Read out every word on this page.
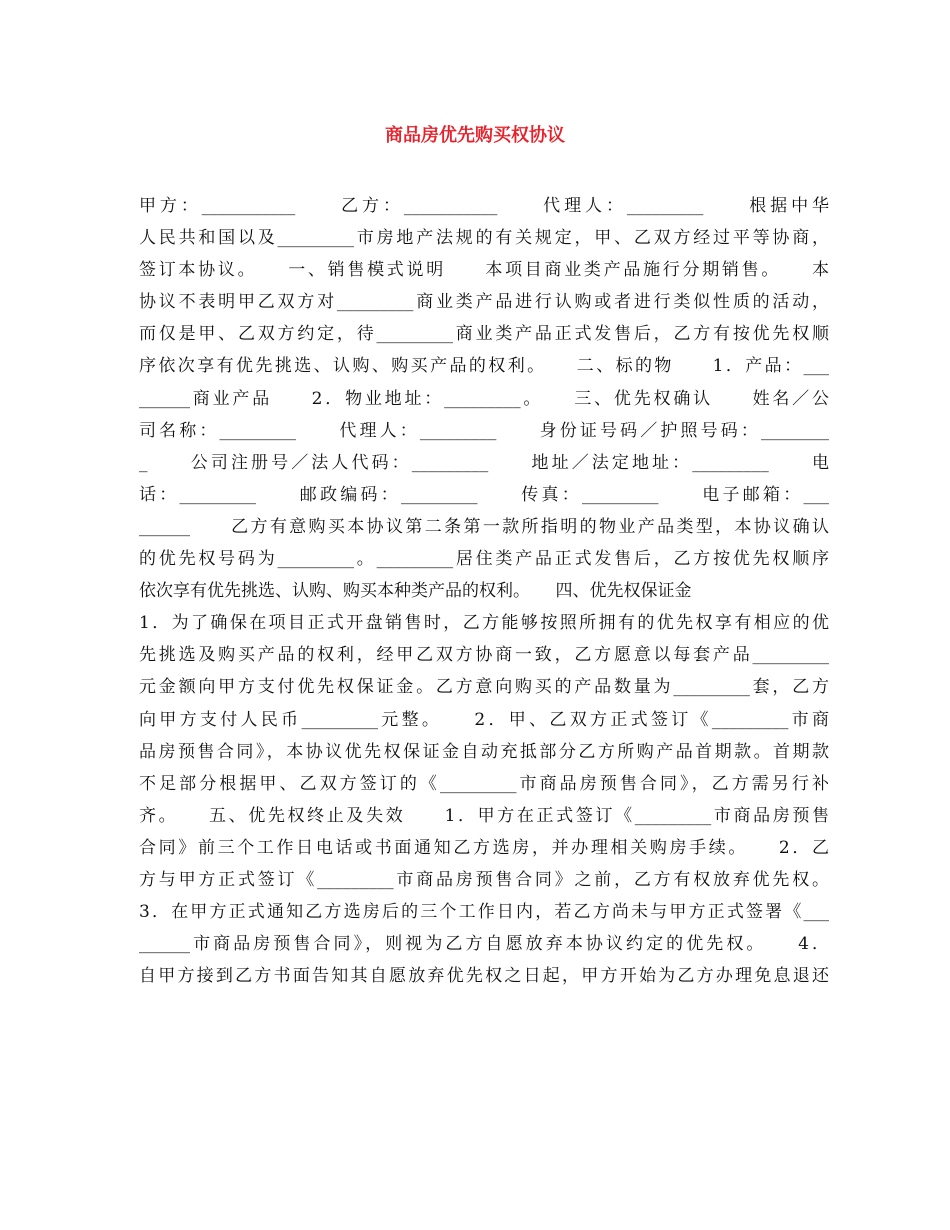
商品房优先购买权协议
甲方：___________　　乙方：___________　　代理人：_________　　根据中华
人民共和国以及_________市房地产法规的有关规定，甲、乙双方经过平等协商，
签订本协议。　　一、销售模式说明　　本项目商业类产品施行分期销售。　　本
协议不表明甲乙双方对_________商业类产品进行认购或者进行类似性质的活动，
而仅是甲、乙双方约定，待_________商业类产品正式发售后，乙方有按优先权顺
序依次享有优先挑选、认购、购买产品的权利。　　二、标的物　　1．产品：___
______商业产品　　2．物业地址：_________。　　三、优先权确认　　姓名／公
司名称：_________　　代理人：_________　　身份证号码／护照号码：________
_　　公司注册号／法人代码：_________　　地址／法定地址：_________　　电
话：_________　　邮政编码：_________　　传真：_________　　电子邮箱：___
______　　乙方有意购买本协议第二条第一款所指明的物业产品类型，本协议确认
的优先权号码为_________。_________居住类产品正式发售后，乙方按优先权顺序
依次享有优先挑选、认购、购买本种类产品的权利。　　四、优先权保证金
1．为了确保在项目正式开盘销售时，乙方能够按照所拥有的优先权享有相应的优
先挑选及购买产品的权利，经甲乙双方协商一致，乙方愿意以每套产品_________
元金额向甲方支付优先权保证金。乙方意向购买的产品数量为_________套，乙方
向甲方支付人民币_________元整。　　2．甲、乙双方正式签订《_________市商
品房预售合同》，本协议优先权保证金自动充抵部分乙方所购产品首期款。首期款
不足部分根据甲、乙双方签订的《_________市商品房预售合同》，乙方需另行补
齐。　　五、优先权终止及失效　　1．甲方在正式签订《_________市商品房预售
合同》前三个工作日电话或书面通知乙方选房，并办理相关购房手续。　　2．乙
方与甲方正式签订《_________市商品房预售合同》之前，乙方有权放弃优先权。
3．在甲方正式通知乙方选房后的三个工作日内，若乙方尚未与甲方正式签署《___
______市商品房预售合同》，则视为乙方自愿放弃本协议约定的优先权。　　4．
自甲方接到乙方书面告知其自愿放弃优先权之日起，甲方开始为乙方办理免息退还
